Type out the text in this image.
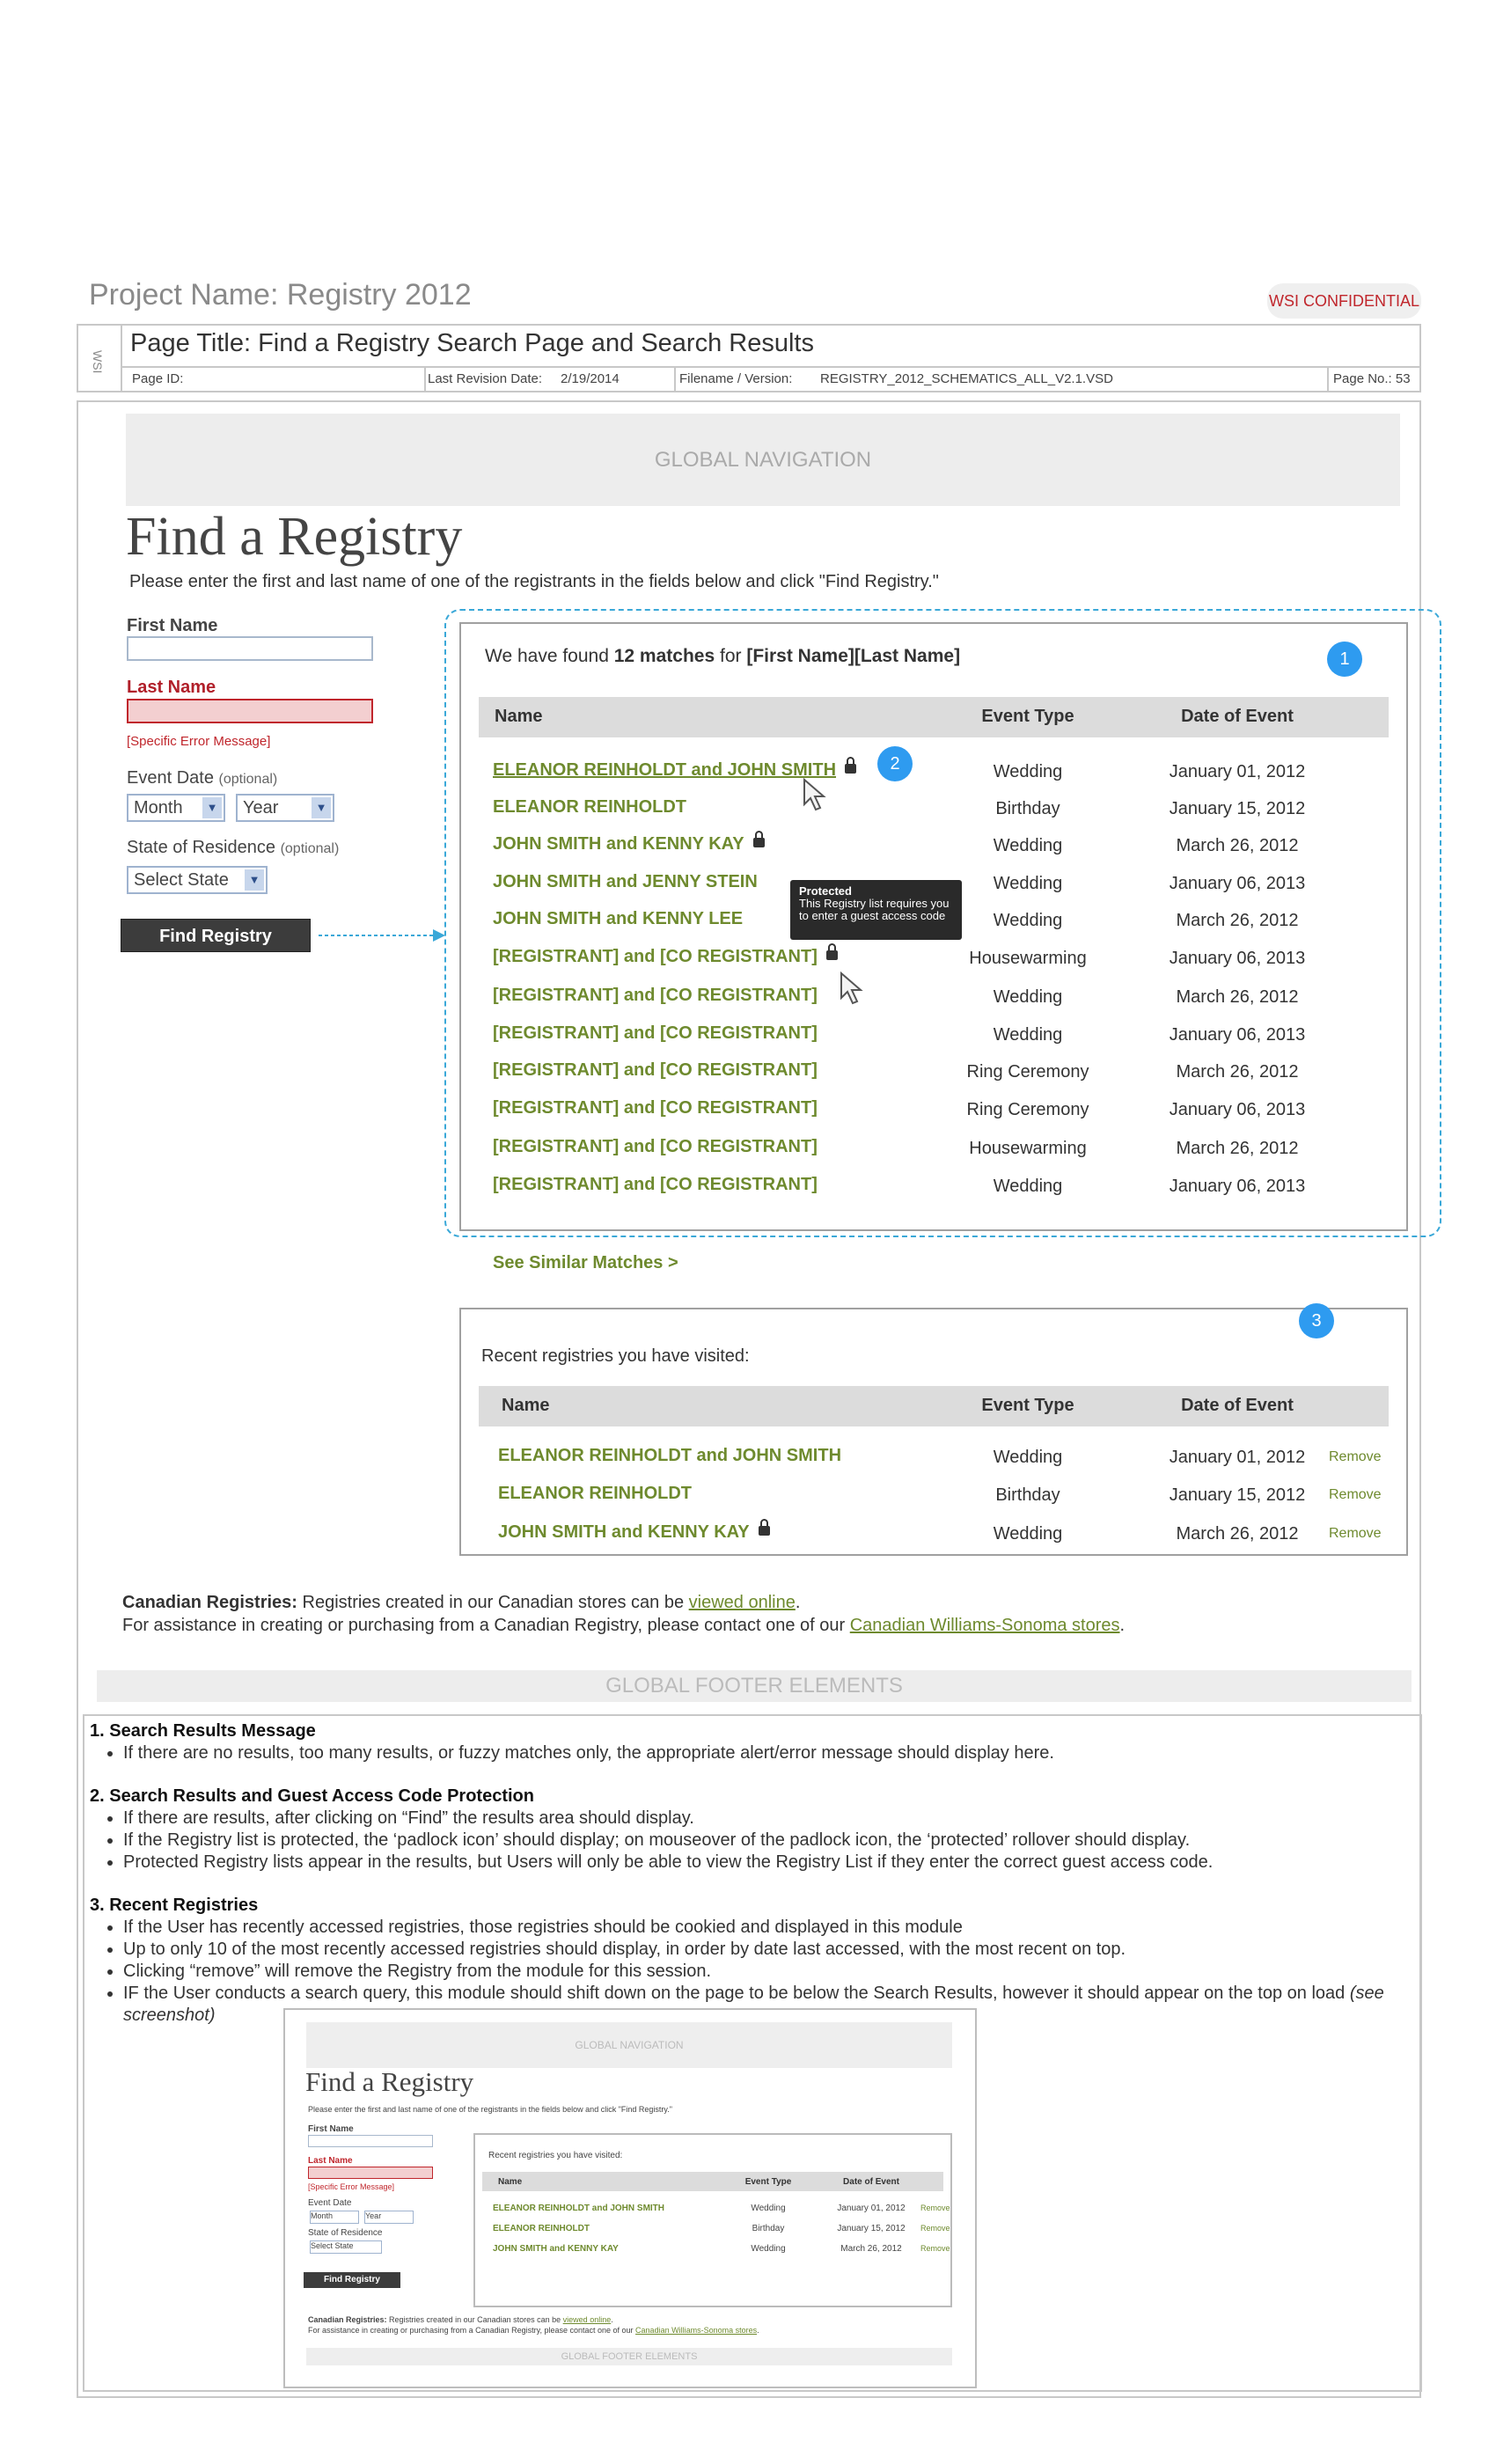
Project Name: Registry 2012	WSI CONFIDENTIAL
WSI
Page Title: Find a Registry Search Page and Search Results
Page ID:	Last Revision Date: 2/19/2014	Filename / Version: REGISTRY_2012_SCHEMATICS_ALL_V2.1.VSD	Page No.: 53
GLOBAL NAVIGATION
Find a Registry
Please enter the first and last name of one of the registrants in the fields below and click "Find Registry."
First Name
Last Name
[Specific Error Message]
Event Date (optional)
Month	▼	Year	▼
State of Residence (optional)
Select State	▼
Find Registry
1
We have found 12 matches for [First Name][Last Name]
Name	Event Type	Date of Event
ELEANOR REINHOLDT and JOHN SMITH	Wedding	January 01, 2012
ELEANOR REINHOLDT	Birthday	January 15, 2012
JOHN SMITH and KENNY KAY	Wedding	March 26, 2012
JOHN SMITH and JENNY STEIN	Wedding	January 06, 2013
JOHN SMITH and KENNY LEE	Wedding	March 26, 2012
[REGISTRANT] and [CO REGISTRANT]	Housewarming	January 06, 2013
[REGISTRANT] and [CO REGISTRANT]	Wedding	March 26, 2012
[REGISTRANT] and [CO REGISTRANT]	Wedding	January 06, 2013
[REGISTRANT] and [CO REGISTRANT]	Ring Ceremony	March 26, 2012
[REGISTRANT] and [CO REGISTRANT]	Ring Ceremony	January 06, 2013
[REGISTRANT] and [CO REGISTRANT]	Housewarming	March 26, 2012
[REGISTRANT] and [CO REGISTRANT]	Wedding	January 06, 2013
2
Protected
This Registry list requires you to enter a guest access code
See Similar Matches >
3
Recent registries you have visited:
Name	Event Type	Date of Event
ELEANOR REINHOLDT and JOHN SMITH	Wedding	January 01, 2012	Remove
ELEANOR REINHOLDT	Birthday	January 15, 2012	Remove
JOHN SMITH and KENNY KAY	Wedding	March 26, 2012	Remove
Canadian Registries: Registries created in our Canadian stores can be viewed online.
For assistance in creating or purchasing from a Canadian Registry, please contact one of our Canadian Williams-Sonoma stores.
GLOBAL FOOTER ELEMENTS
1. Search Results Message
• If there are no results, too many results, or fuzzy matches only, the appropriate alert/error message should display here.
2. Search Results and Guest Access Code Protection
• If there are results, after clicking on “Find” the results area should display.
• If the Registry list is protected, the ‘padlock icon’ should display; on mouseover of the padlock icon, the ‘protected’ rollover should display.
• Protected Registry lists appear in the results, but Users will only be able to view the Registry List if they enter the correct guest access code.
3. Recent Registries
• If the User has recently accessed registries, those registries should be cookied and displayed in this module
• Up to only 10 of the most recently accessed registries should display, in order by date last accessed, with the most recent on top.
• Clicking “remove” will remove the Registry from the module for this session.
• IF the User conducts a search query, this module should shift down on the page to be below the Search Results, however it should appear on the top on load (see screenshot)
GLOBAL NAVIGATION
Find a Registry
Please enter the first and last name of one of the registrants in the fields below and click "Find Registry."
First Name
Last Name
[Specific Error Message]
Event Date
Month	Year
State of Residence
Select State
Find Registry
Recent registries you have visited:
Name	Event Type	Date of Event
ELEANOR REINHOLDT and JOHN SMITH	Wedding	January 01, 2012	Remove
ELEANOR REINHOLDT	Birthday	January 15, 2012	Remove
JOHN SMITH and KENNY KAY	Wedding	March 26, 2012	Remove
Canadian Registries: Registries created in our Canadian stores can be viewed online.
For assistance in creating or purchasing from a Canadian Registry, please contact one of our Canadian Williams-Sonoma stores.
GLOBAL FOOTER ELEMENTS
